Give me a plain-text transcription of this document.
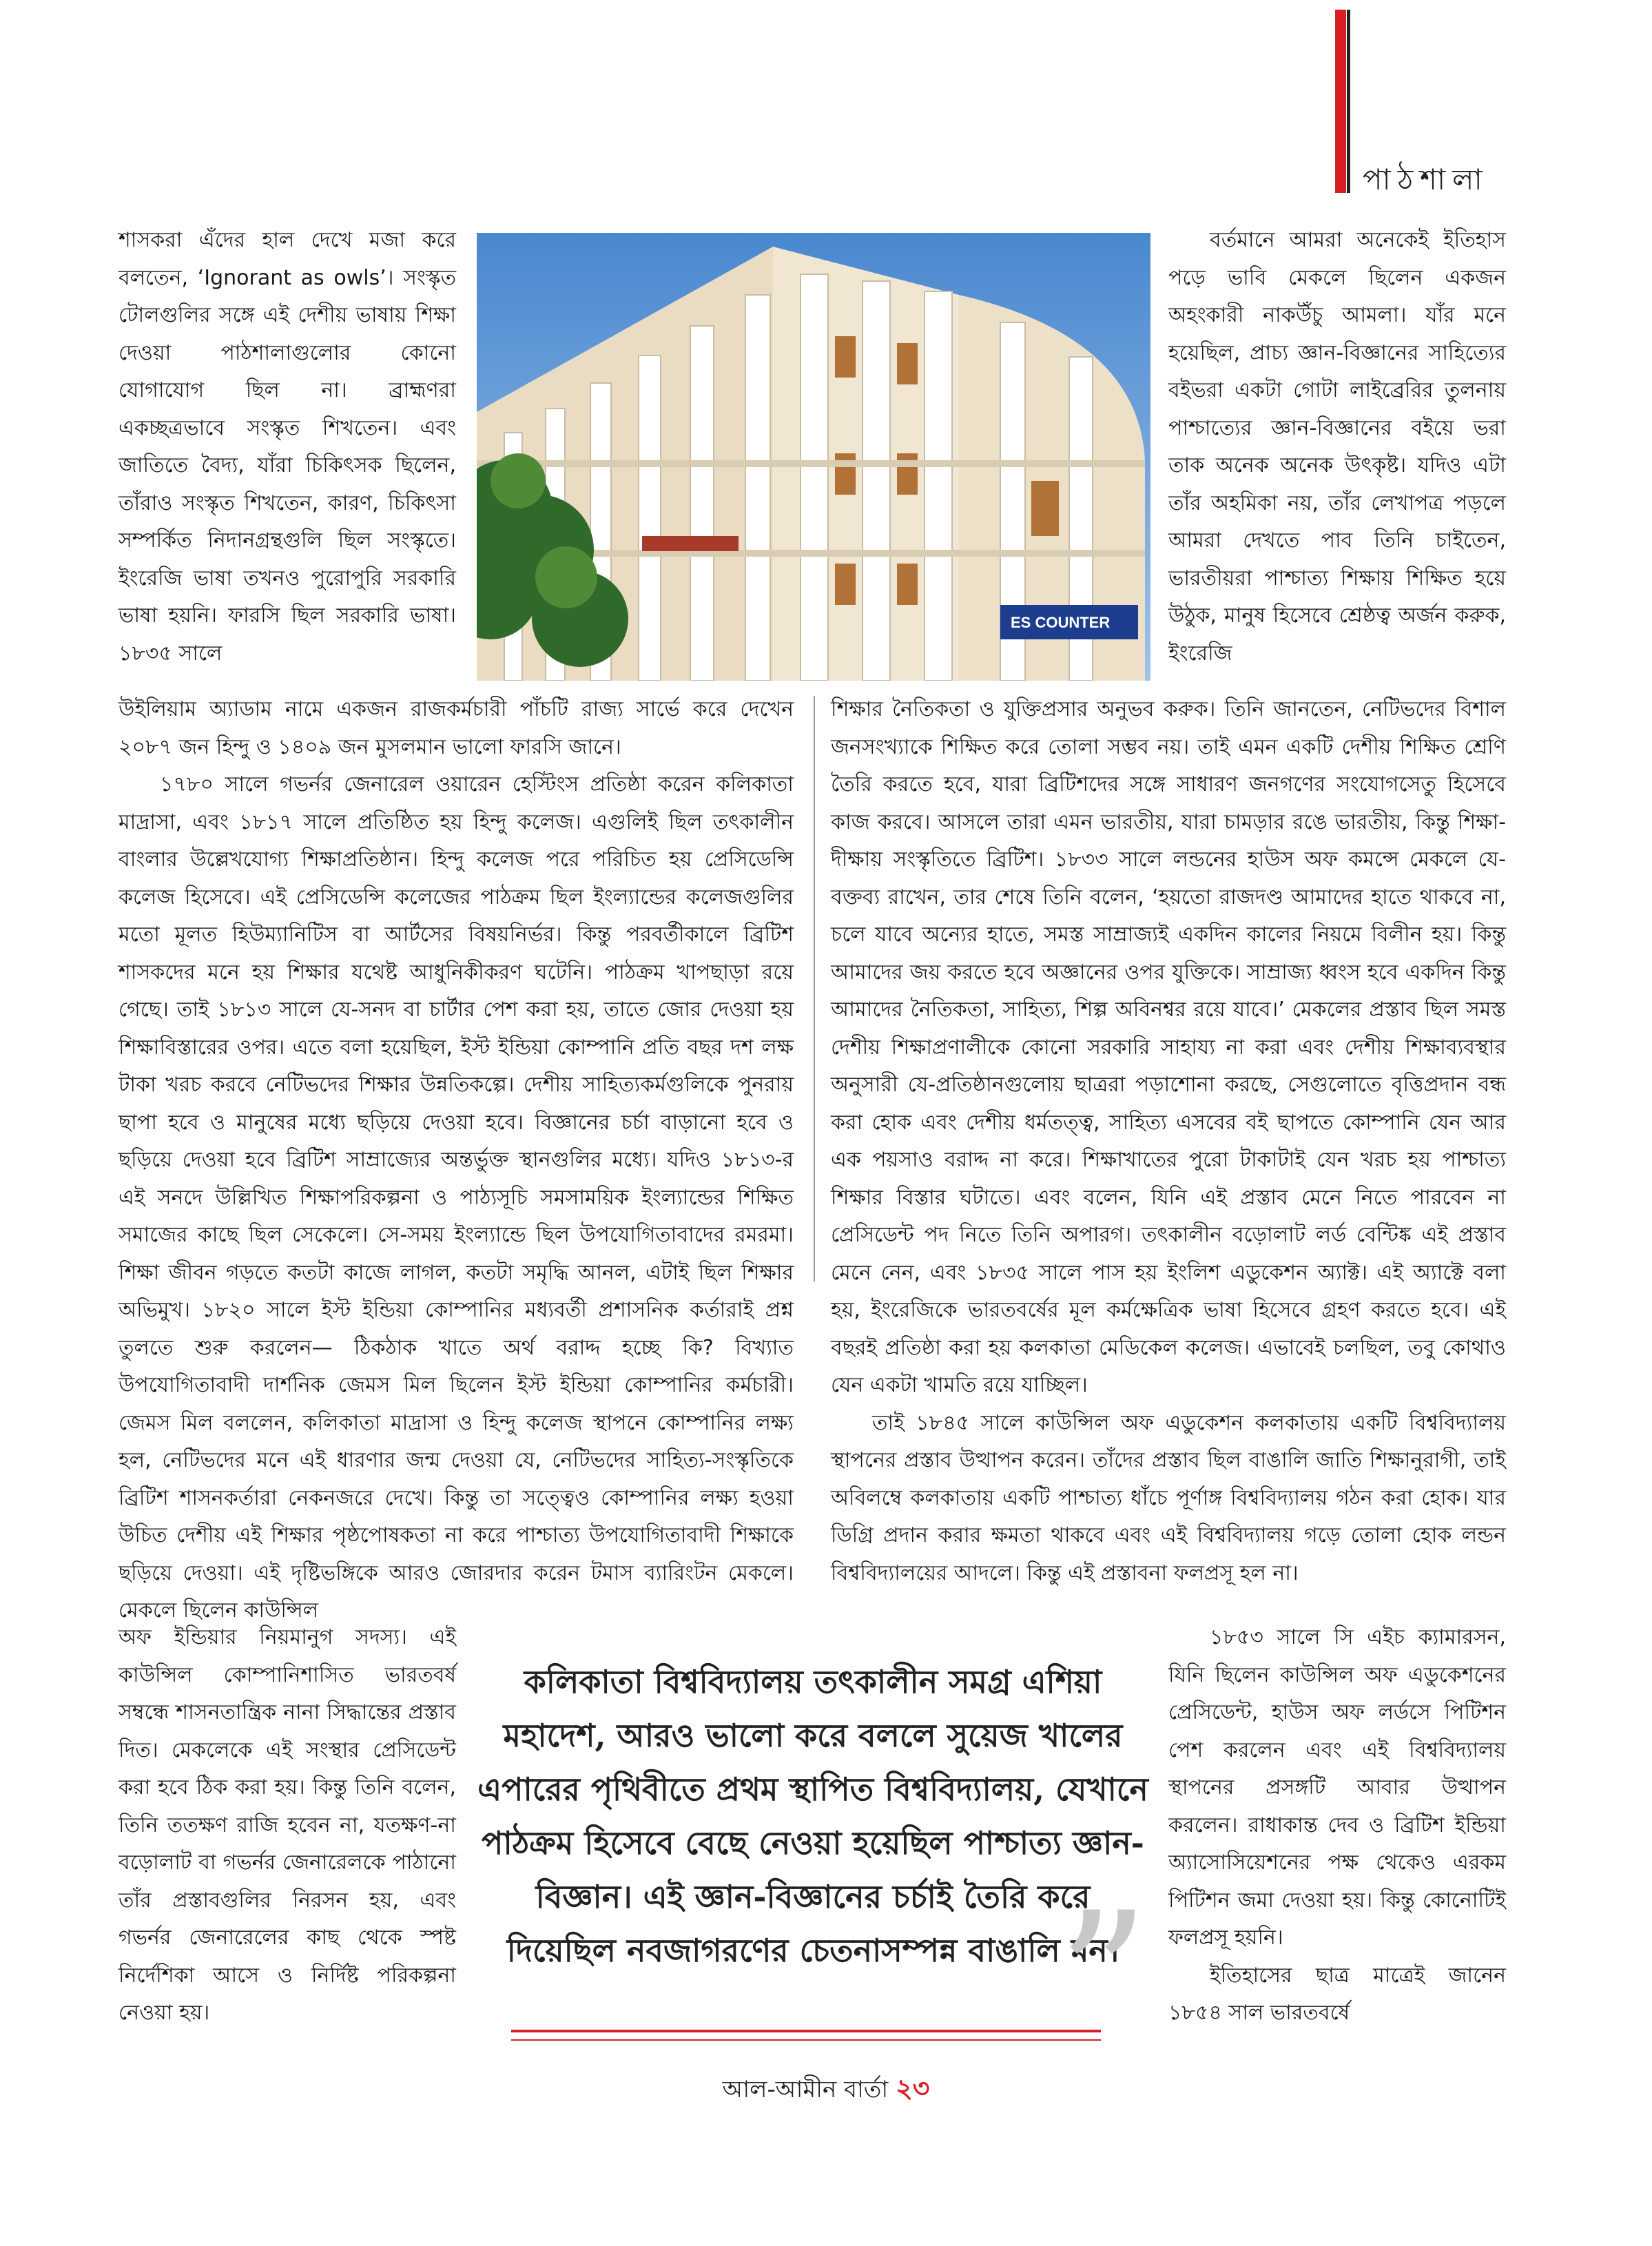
পাঠশালা

শাসকরা এঁদের হাল দেখে মজা করে বলতেন, ‘Ignorant as owls’। সংস্কৃত টোলগুলির সঙ্গে এই দেশীয় ভাষায় শিক্ষা দেওয়া পাঠশালাগুলোর কোনো যোগাযোগ ছিল না। ব্রাহ্মণরা একচ্ছত্রভাবে সংস্কৃত শিখতেন। এবং জাতিতে বৈদ্য, যাঁরা চিকিৎসক ছিলেন, তাঁরাও সংস্কৃত শিখতেন, কারণ, চিকিৎসা সম্পর্কিত নিদানগ্রন্থগুলি ছিল সংস্কৃতে। ইংরেজি ভাষা তখনও পুরোপুরি সরকারি ভাষা হয়নি। ফারসি ছিল সরকারি ভাষা। ১৮৩৫ সালে

ES COUNTER

বর্তমানে আমরা অনেকেই ইতিহাস পড়ে ভাবি মেকলে ছিলেন একজন অহংকারী নাকউঁচু আমলা। যাঁর মনে হয়েছিল, প্রাচ্য জ্ঞান-বিজ্ঞানের সাহিত্যের বইভরা একটা গোটা লাইব্রেরির তুলনায় পাশ্চাত্যের জ্ঞান-বিজ্ঞানের বইয়ে ভরা তাক অনেক অনেক উৎকৃষ্ট। যদিও এটা তাঁর অহমিকা নয়, তাঁর লেখাপত্র পড়লে আমরা দেখতে পাব তিনি চাইতেন, ভারতীয়রা পাশ্চাত্য শিক্ষায় শিক্ষিত হয়ে উঠুক, মানুষ হিসেবে শ্রেষ্ঠত্ব অর্জন করুক, ইংরেজি

উইলিয়াম অ্যাডাম নামে একজন রাজকর্মচারী পাঁচটি রাজ্য সার্ভে করে দেখেন ২০৮৭ জন হিন্দু ও ১৪০৯ জন মুসলমান ভালো ফারসি জানে।

১৭৮০ সালে গভর্নর জেনারেল ওয়ারেন হেস্টিংস প্রতিষ্ঠা করেন কলিকাতা মাদ্রাসা, এবং ১৮১৭ সালে প্রতিষ্ঠিত হয় হিন্দু কলেজ। এগুলিই ছিল তৎকালীন বাংলার উল্লেখযোগ্য শিক্ষাপ্রতিষ্ঠান। হিন্দু কলেজ পরে পরিচিত হয় প্রেসিডেন্সি কলেজ হিসেবে। এই প্রেসিডেন্সি কলেজের পাঠক্রম ছিল ইংল্যান্ডের কলেজগুলির মতো মূলত হিউম্যানিটিস বা আর্টসের বিষয়নির্ভর। কিন্তু পরবর্তীকালে ব্রিটিশ শাসকদের মনে হয় শিক্ষার যথেষ্ট আধুনিকীকরণ ঘটেনি। পাঠক্রম খাপছাড়া রয়ে গেছে। তাই ১৮১৩ সালে যে-সনদ বা চার্টার পেশ করা হয়, তাতে জোর দেওয়া হয় শিক্ষাবিস্তারের ওপর। এতে বলা হয়েছিল, ইস্ট ইন্ডিয়া কোম্পানি প্রতি বছর দশ লক্ষ টাকা খরচ করবে নেটিভদের শিক্ষার উন্নতিকল্পে। দেশীয় সাহিত্যকর্মগুলিকে পুনরায় ছাপা হবে ও মানুষের মধ্যে ছড়িয়ে দেওয়া হবে। বিজ্ঞানের চর্চা বাড়ানো হবে ও ছড়িয়ে দেওয়া হবে ব্রিটিশ সাম্রাজ্যের অন্তর্ভুক্ত স্থানগুলির মধ্যে। যদিও ১৮১৩-র এই সনদে উল্লিখিত শিক্ষাপরিকল্পনা ও পাঠ্যসূচি সমসাময়িক ইংল্যান্ডের শিক্ষিত সমাজের কাছে ছিল সেকেলে। সে-সময় ইংল্যান্ডে ছিল উপযোগিতাবাদের রমরমা। শিক্ষা জীবন গড়তে কতটা কাজে লাগল, কতটা সমৃদ্ধি আনল, এটাই ছিল শিক্ষার অভিমুখ। ১৮২০ সালে ইস্ট ইন্ডিয়া কোম্পানির মধ্যবর্তী প্রশাসনিক কর্তারাই প্রশ্ন তুলতে শুরু করলেন— ঠিকঠাক খাতে অর্থ বরাদ্দ হচ্ছে কি? বিখ্যাত উপযোগিতাবাদী দার্শনিক জেমস মিল ছিলেন ইস্ট ইন্ডিয়া কোম্পানির কর্মচারী। জেমস মিল বললেন, কলিকাতা মাদ্রাসা ও হিন্দু কলেজ স্থাপনে কোম্পানির লক্ষ্য হল, নেটিভদের মনে এই ধারণার জন্ম দেওয়া যে, নেটিভদের সাহিত্য-সংস্কৃতিকে ব্রিটিশ শাসনকর্তারা নেকনজরে দেখে। কিন্তু তা সত্ত্বেও কোম্পানির লক্ষ্য হওয়া উচিত দেশীয় এই শিক্ষার পৃষ্ঠপোষকতা না করে পাশ্চাত্য উপযোগিতাবাদী শিক্ষাকে ছড়িয়ে দেওয়া। এই দৃষ্টিভঙ্গিকে আরও জোরদার করেন টমাস ব্যারিংটন মেকলে। মেকলে ছিলেন কাউন্সিল

শিক্ষার নৈতিকতা ও যুক্তিপ্রসার অনুভব করুক। তিনি জানতেন, নেটিভদের বিশাল জনসংখ্যাকে শিক্ষিত করে তোলা সম্ভব নয়। তাই এমন একটি দেশীয় শিক্ষিত শ্রেণি তৈরি করতে হবে, যারা ব্রিটিশদের সঙ্গে সাধারণ জনগণের সংযোগসেতু হিসেবে কাজ করবে। আসলে তারা এমন ভারতীয়, যারা চামড়ার রঙে ভারতীয়, কিন্তু শিক্ষা-দীক্ষায় সংস্কৃতিতে ব্রিটিশ। ১৮৩৩ সালে লন্ডনের হাউস অফ কমন্সে মেকলে যে-বক্তব্য রাখেন, তার শেষে তিনি বলেন, ‘হয়তো রাজদণ্ড আমাদের হাতে থাকবে না, চলে যাবে অন্যের হাতে, সমস্ত সাম্রাজ্যই একদিন কালের নিয়মে বিলীন হয়। কিন্তু আমাদের জয় করতে হবে অজ্ঞানের ওপর যুক্তিকে। সাম্রাজ্য ধ্বংস হবে একদিন কিন্তু আমাদের নৈতিকতা, সাহিত্য, শিল্প অবিনশ্বর রয়ে যাবে।’ মেকলের প্রস্তাব ছিল সমস্ত দেশীয় শিক্ষাপ্রণালীকে কোনো সরকারি সাহায্য না করা এবং দেশীয় শিক্ষাব্যবস্থার অনুসারী যে-প্রতিষ্ঠানগুলোয় ছাত্ররা পড়াশোনা করছে, সেগুলোতে বৃত্তিপ্রদান বন্ধ করা হোক এবং দেশীয় ধর্মতত্ত্ব, সাহিত্য এসবের বই ছাপতে কোম্পানি যেন আর এক পয়সাও বরাদ্দ না করে। শিক্ষাখাতের পুরো টাকাটাই যেন খরচ হয় পাশ্চাত্য শিক্ষার বিস্তার ঘটাতে। এবং বলেন, যিনি এই প্রস্তাব মেনে নিতে পারবেন না প্রেসিডেন্ট পদ নিতে তিনি অপারগ। তৎকালীন বড়োলাট লর্ড বেন্টিঙ্ক এই প্রস্তাব মেনে নেন, এবং ১৮৩৫ সালে পাস হয় ইংলিশ এডুকেশন অ্যাক্ট। এই অ্যাক্টে বলা হয়, ইংরেজিকে ভারতবর্ষের মূল কর্মক্ষেত্রিক ভাষা হিসেবে গ্রহণ করতে হবে। এই বছরই প্রতিষ্ঠা করা হয় কলকাতা মেডিকেল কলেজ। এভাবেই চলছিল, তবু কোথাও যেন একটা খামতি রয়ে যাচ্ছিল।

তাই ১৮৪৫ সালে কাউন্সিল অফ এডুকেশন কলকাতায় একটি বিশ্ববিদ্যালয় স্থাপনের প্রস্তাব উত্থাপন করেন। তাঁদের প্রস্তাব ছিল বাঙালি জাতি শিক্ষানুরাগী, তাই অবিলম্বে কলকাতায় একটি পাশ্চাত্য ধাঁচে পূর্ণাঙ্গ বিশ্ববিদ্যালয় গঠন করা হোক। যার ডিগ্রি প্রদান করার ক্ষমতা থাকবে এবং এই বিশ্ববিদ্যালয় গড়ে তোলা হোক লন্ডন বিশ্ববিদ্যালয়ের আদলে। কিন্তু এই প্রস্তাবনা ফলপ্রসূ হল না।

অফ ইন্ডিয়ার নিয়মানুগ সদস্য। এই কাউন্সিল কোম্পানিশাসিত ভারতবর্ষ সম্বন্ধে শাসনতান্ত্রিক নানা সিদ্ধান্তের প্রস্তাব দিত। মেকলেকে এই সংস্থার প্রেসিডেন্ট করা হবে ঠিক করা হয়। কিন্তু তিনি বলেন, তিনি ততক্ষণ রাজি হবেন না, যতক্ষণ-না বড়োলাট বা গভর্নর জেনারেলকে পাঠানো তাঁর প্রস্তাবগুলির নিরসন হয়, এবং গভর্নর জেনারেলের কাছ থেকে স্পষ্ট নির্দেশিকা আসে ও নির্দিষ্ট পরিকল্পনা নেওয়া হয়।

কলিকাতা বিশ্ববিদ্যালয় তৎকালীন সমগ্র এশিয়া মহাদেশ, আরও ভালো করে বললে সুয়েজ খালের এপারের পৃথিবীতে প্রথম স্থাপিত বিশ্ববিদ্যালয়, যেখানে পাঠক্রম হিসেবে বেছে নেওয়া হয়েছিল পাশ্চাত্য জ্ঞান-বিজ্ঞান। এই জ্ঞান-বিজ্ঞানের চর্চাই তৈরি করে দিয়েছিল নবজাগরণের চেতনাসম্পন্ন বাঙালি মন।

”

১৮৫৩ সালে সি এইচ ক্যামারসন, যিনি ছিলেন কাউন্সিল অফ এডুকেশনের প্রেসিডেন্ট, হাউস অফ লর্ডসে পিটিশন পেশ করলেন এবং এই বিশ্ববিদ্যালয় স্থাপনের প্রসঙ্গটি আবার উত্থাপন করলেন। রাধাকান্ত দেব ও ব্রিটিশ ইন্ডিয়া অ্যাসোসিয়েশনের পক্ষ থেকেও এরকম পিটিশন জমা দেওয়া হয়। কিন্তু কোনোটিই ফলপ্রসূ হয়নি।

ইতিহাসের ছাত্র মাত্রেই জানেন ১৮৫৪ সাল ভারতবর্ষে

আল-আমীন বার্তা ২৩
